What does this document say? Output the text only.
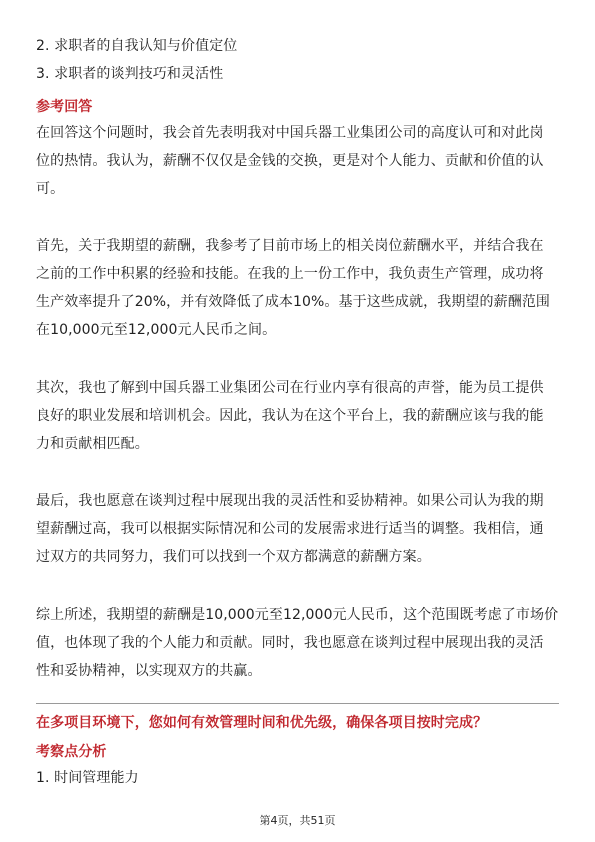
2. 求职者的自我认知与价值定位
3. 求职者的谈判技巧和灵活性
参考回答
在回答这个问题时，我会首先表明我对中国兵器工业集团公司的高度认可和对此岗
位的热情。我认为，薪酬不仅仅是金钱的交换，更是对个人能力、贡献和价值的认
可。
首先，关于我期望的薪酬，我参考了目前市场上的相关岗位薪酬水平，并结合我在
之前的工作中积累的经验和技能。在我的上一份工作中，我负责生产管理，成功将
生产效率提升了20%，并有效降低了成本10%。基于这些成就，我期望的薪酬范围
在10,000元至12,000元人民币之间。
其次，我也了解到中国兵器工业集团公司在行业内享有很高的声誉，能为员工提供
良好的职业发展和培训机会。因此，我认为在这个平台上，我的薪酬应该与我的能
力和贡献相匹配。
最后，我也愿意在谈判过程中展现出我的灵活性和妥协精神。如果公司认为我的期
望薪酬过高，我可以根据实际情况和公司的发展需求进行适当的调整。我相信，通
过双方的共同努力，我们可以找到一个双方都满意的薪酬方案。
综上所述，我期望的薪酬是10,000元至12,000元人民币，这个范围既考虑了市场价
值，也体现了我的个人能力和贡献。同时，我也愿意在谈判过程中展现出我的灵活
性和妥协精神，以实现双方的共赢。
在多项目环境下，您如何有效管理时间和优先级，确保各项目按时完成？
考察点分析
1. 时间管理能力
第4页，共51页
